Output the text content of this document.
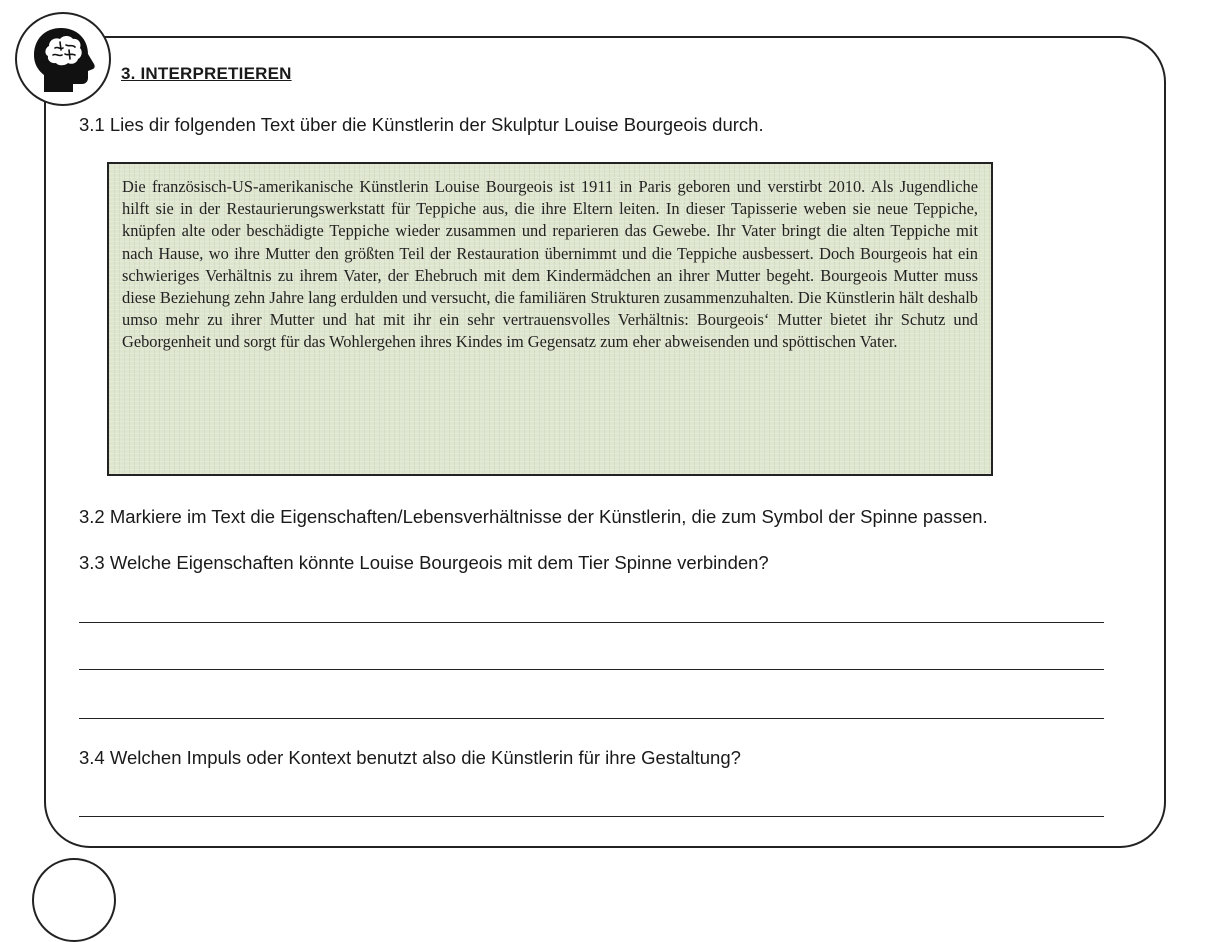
3. INTERPRETIEREN
3.1 Lies dir folgenden Text über die Künstlerin der Skulptur Louise Bourgeois durch.
Die französisch-US-amerikanische Künstlerin Louise Bourgeois ist 1911 in Paris geboren und verstirbt 2010. Als Jugendliche hilft sie in der Restaurierungswerkstatt für Teppiche aus, die ihre Eltern leiten. In dieser Tapisserie weben sie neue Teppiche, knüpfen alte oder beschädigte Teppiche wieder zusammen und reparieren das Gewebe. Ihr Vater bringt die alten Teppiche mit nach Hause, wo ihre Mutter den größten Teil der Restauration übernimmt und die Teppiche ausbessert. Doch Bourgeois hat ein schwieriges Verhältnis zu ihrem Vater, der Ehebruch mit dem Kindermädchen an ihrer Mutter begeht. Bourgeois Mutter muss diese Beziehung zehn Jahre lang erdulden und versucht, die familiären Strukturen zusammenzuhalten. Die Künstlerin hält deshalb umso mehr zu ihrer Mutter und hat mit ihr ein sehr vertrauensvolles Verhältnis: Bourgeois‘ Mutter bietet ihr Schutz und Geborgenheit und sorgt für das Wohlergehen ihres Kindes im Gegensatz zum eher abweisenden und spöttischen Vater.
3.2 Markiere im Text die Eigenschaften/Lebensverhältnisse der Künstlerin, die zum Symbol der Spinne passen.
3.3 Welche Eigenschaften könnte Louise Bourgeois mit dem Tier Spinne verbinden?
3.4 Welchen Impuls oder Kontext benutzt also die Künstlerin für ihre Gestaltung?
